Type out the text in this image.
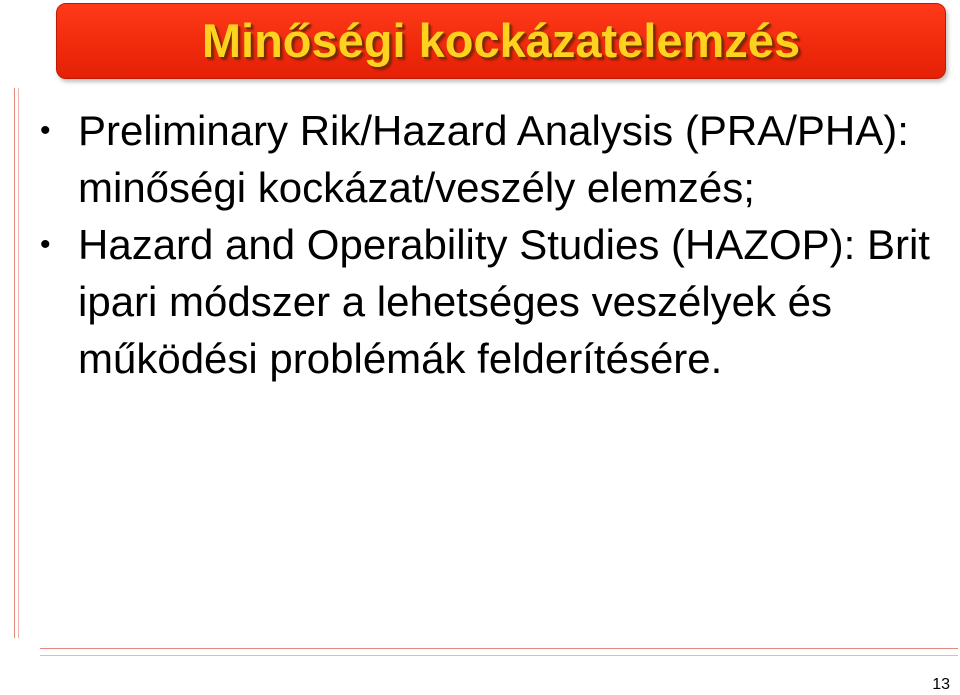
Minőségi kockázatelemzés
• Preliminary Rik/Hazard Analysis (PRA/PHA): minőségi kockázat/veszély elemzés;
• Hazard and Operability Studies (HAZOP): Brit ipari módszer a lehetséges veszélyek és működési problémák felderítésére.
13
